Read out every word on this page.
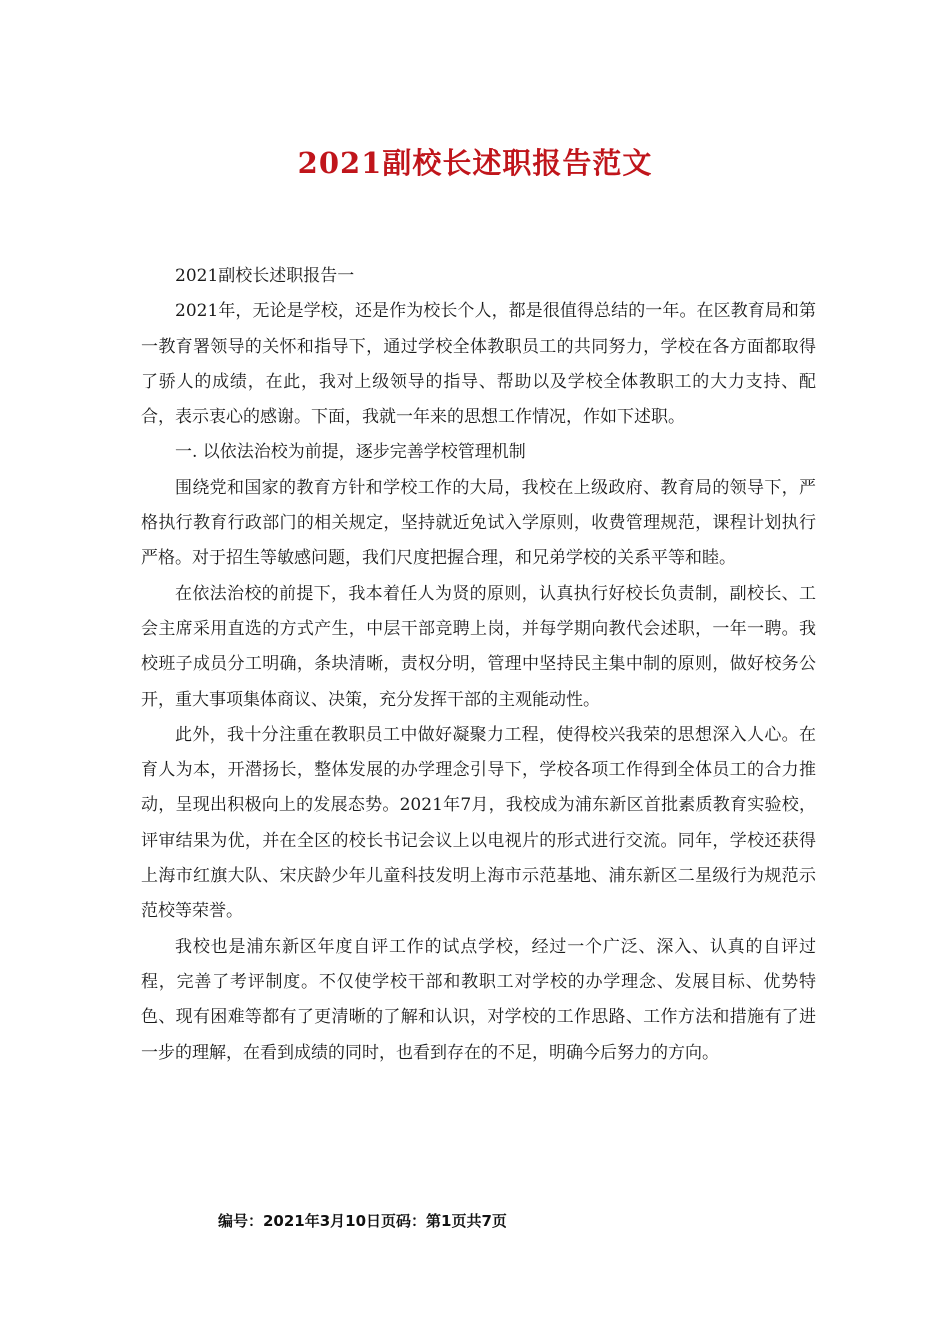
2021副校长述职报告范文

2021副校长述职报告一

2021年，无论是学校，还是作为校长个人，都是很值得总结的一年。在区教育局和第一教育署领导的关怀和指导下，通过学校全体教职员工的共同努力，学校在各方面都取得了骄人的成绩，在此，我对上级领导的指导、帮助以及学校全体教职工的大力支持、配合，表示衷心的感谢。下面，我就一年来的思想工作情况，作如下述职。

一. 以依法治校为前提，逐步完善学校管理机制

围绕党和国家的教育方针和学校工作的大局，我校在上级政府、教育局的领导下，严格执行教育行政部门的相关规定，坚持就近免试入学原则，收费管理规范，课程计划执行严格。对于招生等敏感问题，我们尺度把握合理，和兄弟学校的关系平等和睦。

在依法治校的前提下，我本着任人为贤的原则，认真执行好校长负责制，副校长、工会主席采用直选的方式产生，中层干部竞聘上岗，并每学期向教代会述职，一年一聘。我校班子成员分工明确，条块清晰，责权分明，管理中坚持民主集中制的原则，做好校务公开，重大事项集体商议、决策，充分发挥干部的主观能动性。

此外，我十分注重在教职员工中做好凝聚力工程，使得校兴我荣的思想深入人心。在育人为本，开潜扬长，整体发展的办学理念引导下，学校各项工作得到全体员工的合力推动，呈现出积极向上的发展态势。2021年7月，我校成为浦东新区首批素质教育实验校，评审结果为优，并在全区的校长书记会议上以电视片的形式进行交流。同年，学校还获得上海市红旗大队、宋庆龄少年儿童科技发明上海市示范基地、浦东新区二星级行为规范示范校等荣誉。

我校也是浦东新区年度自评工作的试点学校，经过一个广泛、深入、认真的自评过程，完善了考评制度。不仅使学校干部和教职工对学校的办学理念、发展目标、优势特色、现有困难等都有了更清晰的了解和认识，对学校的工作思路、工作方法和措施有了进一步的理解，在看到成绩的同时，也看到存在的不足，明确今后努力的方向。

编号：2021年3月10日页码：第1页共7页
